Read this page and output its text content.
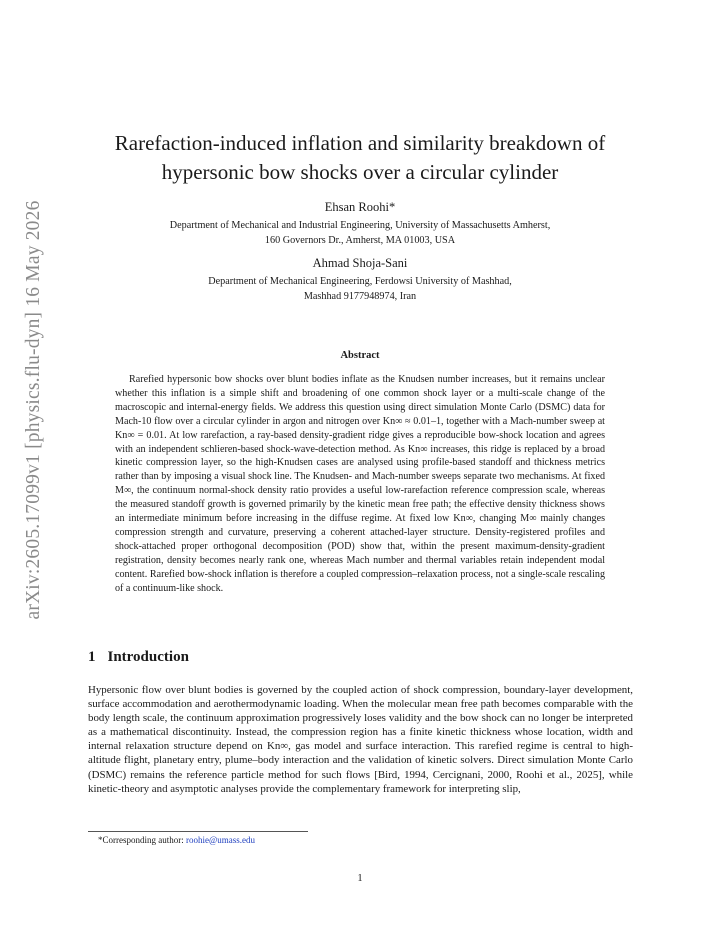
arXiv:2605.17099v1 [physics.flu-dyn] 16 May 2026
Rarefaction-induced inflation and similarity breakdown of
hypersonic bow shocks over a circular cylinder
Ehsan Roohi*
Department of Mechanical and Industrial Engineering, University of Massachusetts Amherst,
160 Governors Dr., Amherst, MA 01003, USA
Ahmad Shoja-Sani
Department of Mechanical Engineering, Ferdowsi University of Mashhad,
Mashhad 9177948974, Iran
Abstract

Rarefied hypersonic bow shocks over blunt bodies inflate as the Knudsen number increases, but it remains unclear whether this inflation is a simple shift and broadening of one common shock layer or a multi-scale change of the macroscopic and internal-energy fields. We address this question using direct simulation Monte Carlo (DSMC) data for Mach-10 flow over a circular cylinder in argon and nitrogen over Kn∞ ≈ 0.01–1, together with a Mach-number sweep at Kn∞ = 0.01. At low rarefaction, a ray-based density-gradient ridge gives a reproducible bow-shock location and agrees with an independent schlieren-based shock-wave-detection method. As Kn∞ increases, this ridge is replaced by a broad kinetic compression layer, so the high-Knudsen cases are analysed using profile-based standoff and thickness metrics rather than by imposing a visual shock line. The Knudsen- and Mach-number sweeps separate two mechanisms. At fixed M∞, the continuum normal-shock density ratio provides a useful low-rarefaction reference compression scale, whereas the measured standoff growth is governed primarily by the kinetic mean free path; the effective density thickness shows an intermediate minimum before increasing in the diffuse regime. At fixed low Kn∞, changing M∞ mainly changes compression strength and curvature, preserving a coherent attached-layer structure. Density-registered profiles and shock-attached proper orthogonal decomposition (POD) show that, within the present maximum-density-gradient registration, density becomes nearly rank one, whereas Mach number and thermal variables retain independent modal content. Rarefied bow-shock inflation is therefore a coupled compression–relaxation process, not a single-scale rescaling of a continuum-like shock.

1 Introduction

Hypersonic flow over blunt bodies is governed by the coupled action of shock compression, boundary-layer development, surface accommodation and aerothermodynamic loading. When the molecular mean free path becomes comparable with the body length scale, the continuum approximation progressively loses validity and the bow shock can no longer be interpreted as a mathematical discontinuity. Instead, the compression region has a finite kinetic thickness whose location, width and internal relaxation structure depend on Kn∞, gas model and surface interaction. This rarefied regime is central to high-altitude flight, planetary entry, plume–body interaction and the validation of kinetic solvers. Direct simulation Monte Carlo (DSMC) remains the reference particle method for such flows [Bird, 1994, Cercignani, 2000, Roohi et al., 2025], while kinetic-theory and asymptotic analyses provide the complementary framework for interpreting slip,

*Corresponding author: roohie@umass.edu
1
